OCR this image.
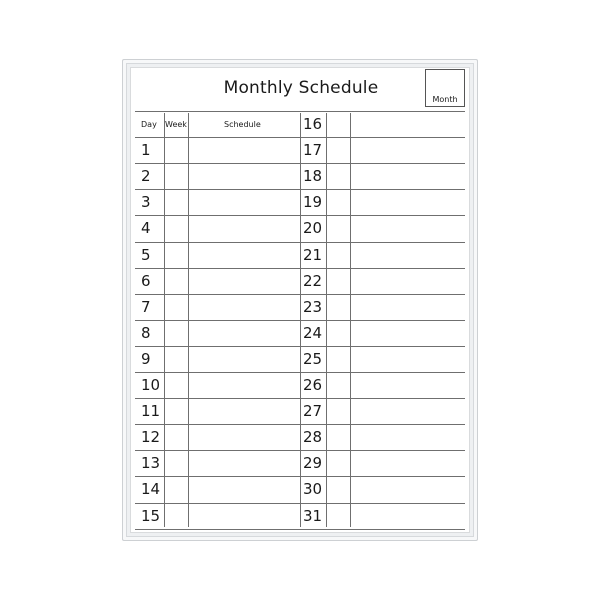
Monthly Schedule
Month
1
2
3
4
5
6
7
8
9
10
11
12
13
14
15
16
17
18
19
20
21
22
23
24
25
26
27
28
29
30
31
Day Week	Schedule
